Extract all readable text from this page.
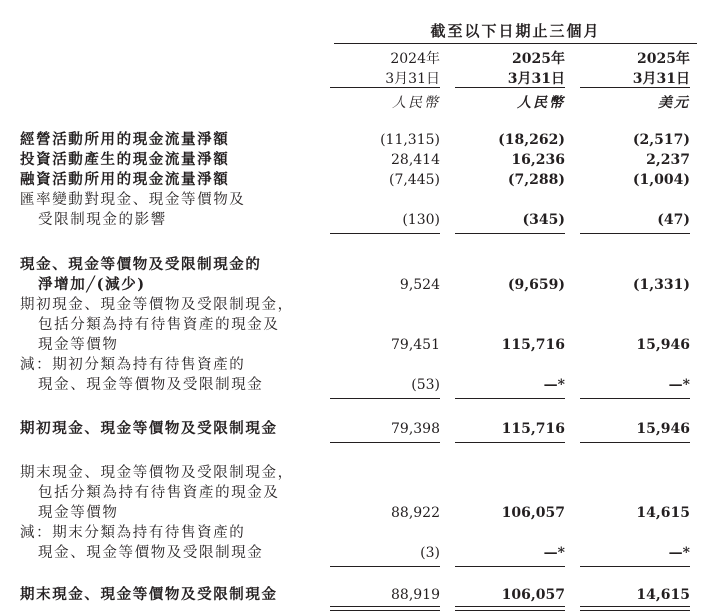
截至以下日期止三個月
2024年	2025年	2025年
3月31日	3月31日	3月31日
人民幣	人民幣	美元
經營活動所用的現金流量淨額	(11,315)	(18,262)	(2,517)
投資活動產生的現金流量淨額	28,414	16,236	2,237
融資活動所用的現金流量淨額	(7,445)	(7,288)	(1,004)
匯率變動對現金、現金等價物及
受限制現金的影響	(130)	(345)	(47)
現金、現金等價物及受限制現金的
淨增加╱(減少)	9,524	(9,659)	(1,331)
期初現金、現金等價物及受限制現金，
包括分類為持有待售資產的現金及
現金等價物	79,451	115,716	15,946
減：期初分類為持有待售資產的
現金、現金等價物及受限制現金	(53)	—*	—*
期初現金、現金等價物及受限制現金	79,398	115,716	15,946
期末現金、現金等價物及受限制現金，
包括分類為持有待售資產的現金及
現金等價物	88,922	106,057	14,615
減：期末分類為持有待售資產的
現金、現金等價物及受限制現金	(3)	—*	—*
期末現金、現金等價物及受限制現金	88,919	106,057	14,615
